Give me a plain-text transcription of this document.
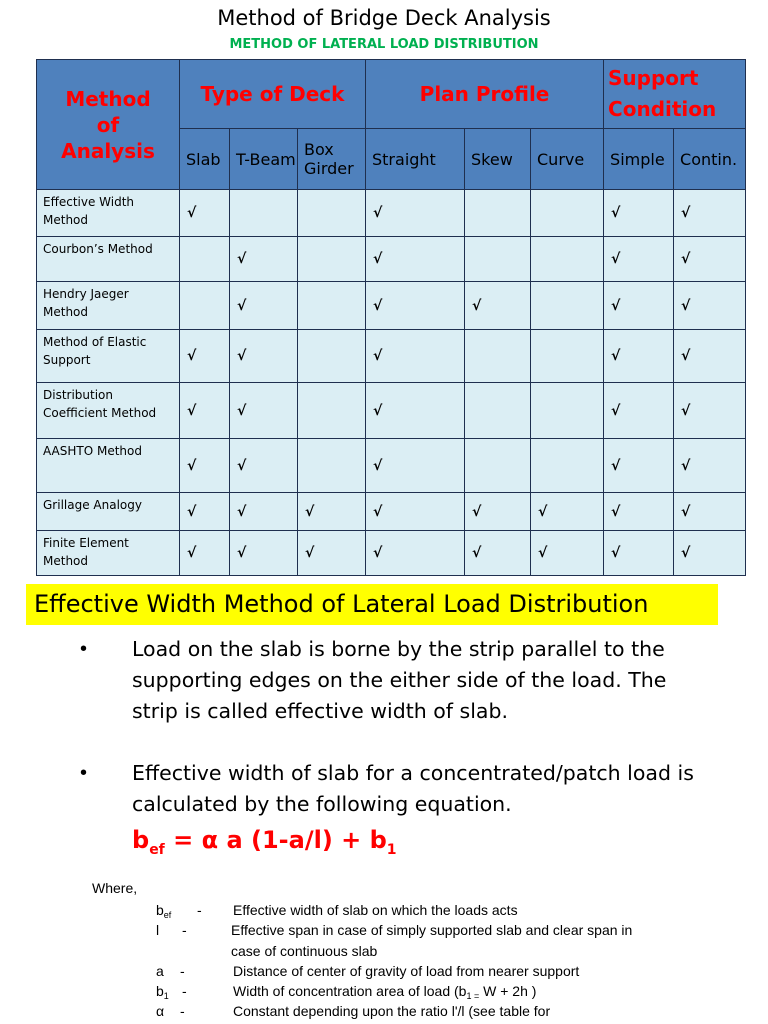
Method of Bridge Deck Analysis
METHOD OF LATERAL LOAD DISTRIBUTION
Method of Analysis	Type of Deck			Plan Profile			Support Condition	
	Slab	T-Beam	Box Girder	Straight	Skew	Curve	Simple	Contin.
Effective Width Method	√			√			√	√
Courbon’s Method		√		√			√	√
Hendry Jaeger Method		√		√	√		√	√
Method of Elastic Support	√	√		√			√	√
Distribution Coefficient Method	√	√		√			√	√
AASHTO Method	√	√		√			√	√
Grillage Analogy	√	√	√	√	√	√	√	√
Finite Element Method	√	√	√	√	√	√	√	√
Effective Width Method of Lateral Load Distribution
• Load on the slab is borne by the strip parallel to the supporting edges on the either side of the load. The strip is called effective width of slab.
• Effective width of slab for a concentrated/patch load is calculated by the following equation.
$b_{ef} = \alpha$ a $(1-a/l) + b_1$
Where,
$b_{ef}$ - Effective width of slab on which the loads acts
l -	Effective span in case of simply supported slab and clear span in
case of continuous slab
a -	Distance of center of gravity of load from nearer support
$b_1$ -	Width of concentration area of load ($b_{1 =}$ W + 2h )
α -	Constant depending upon the ratio l'/l (see table for
